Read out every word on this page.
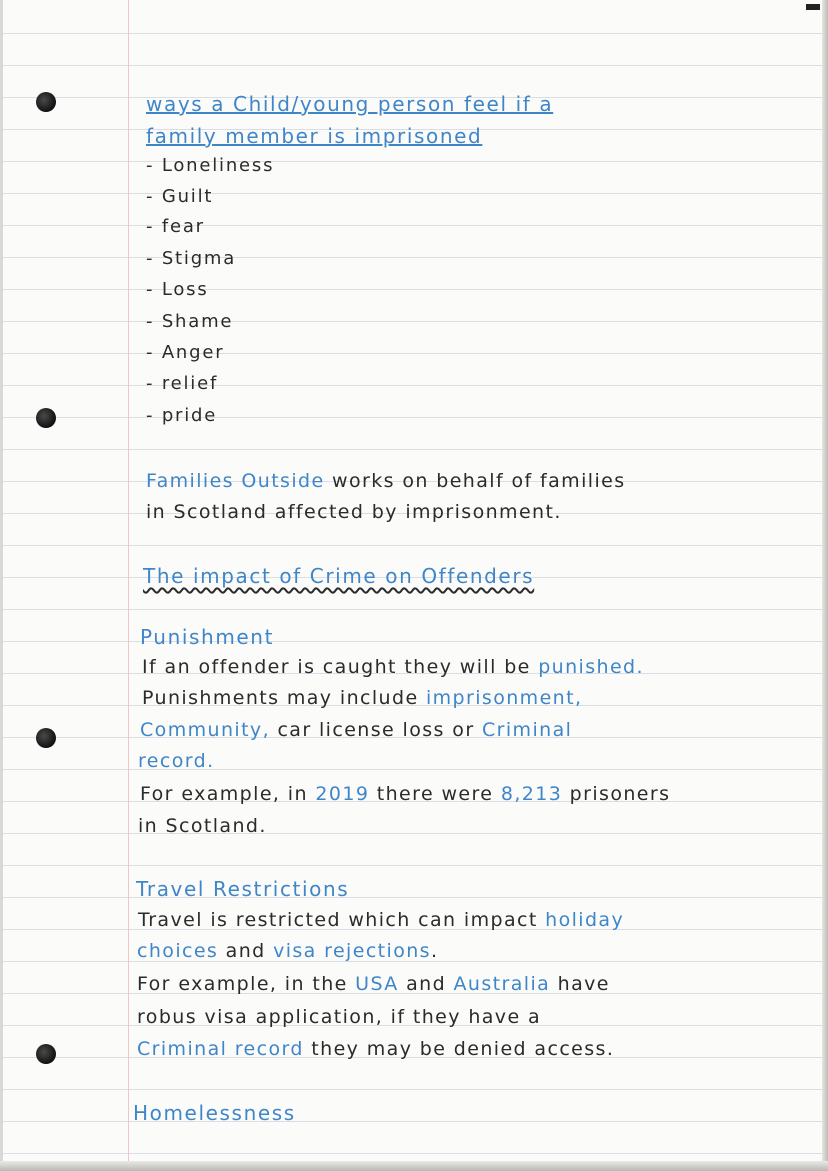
ways a Child/young person feel if a
family member is imprisoned
- Loneliness
- Guilt
- fear
- Stigma
- Loss
- Shame
- Anger
- relief
- pride
Families Outside works on behalf of families
in Scotland affected by imprisonment.
The impact of Crime on Offenders
Punishment
If an offender is caught they will be punished.
Punishments may include imprisonment,
Community, car license loss or Criminal
record.
For example, in 2019 there were 8,213 prisoners
in Scotland.
Travel Restrictions
Travel is restricted which can impact holiday
choices and visa rejections.
For example, in the USA and Australia have
robus visa application, if they have a
Criminal record they may be denied access.
Homelessness
